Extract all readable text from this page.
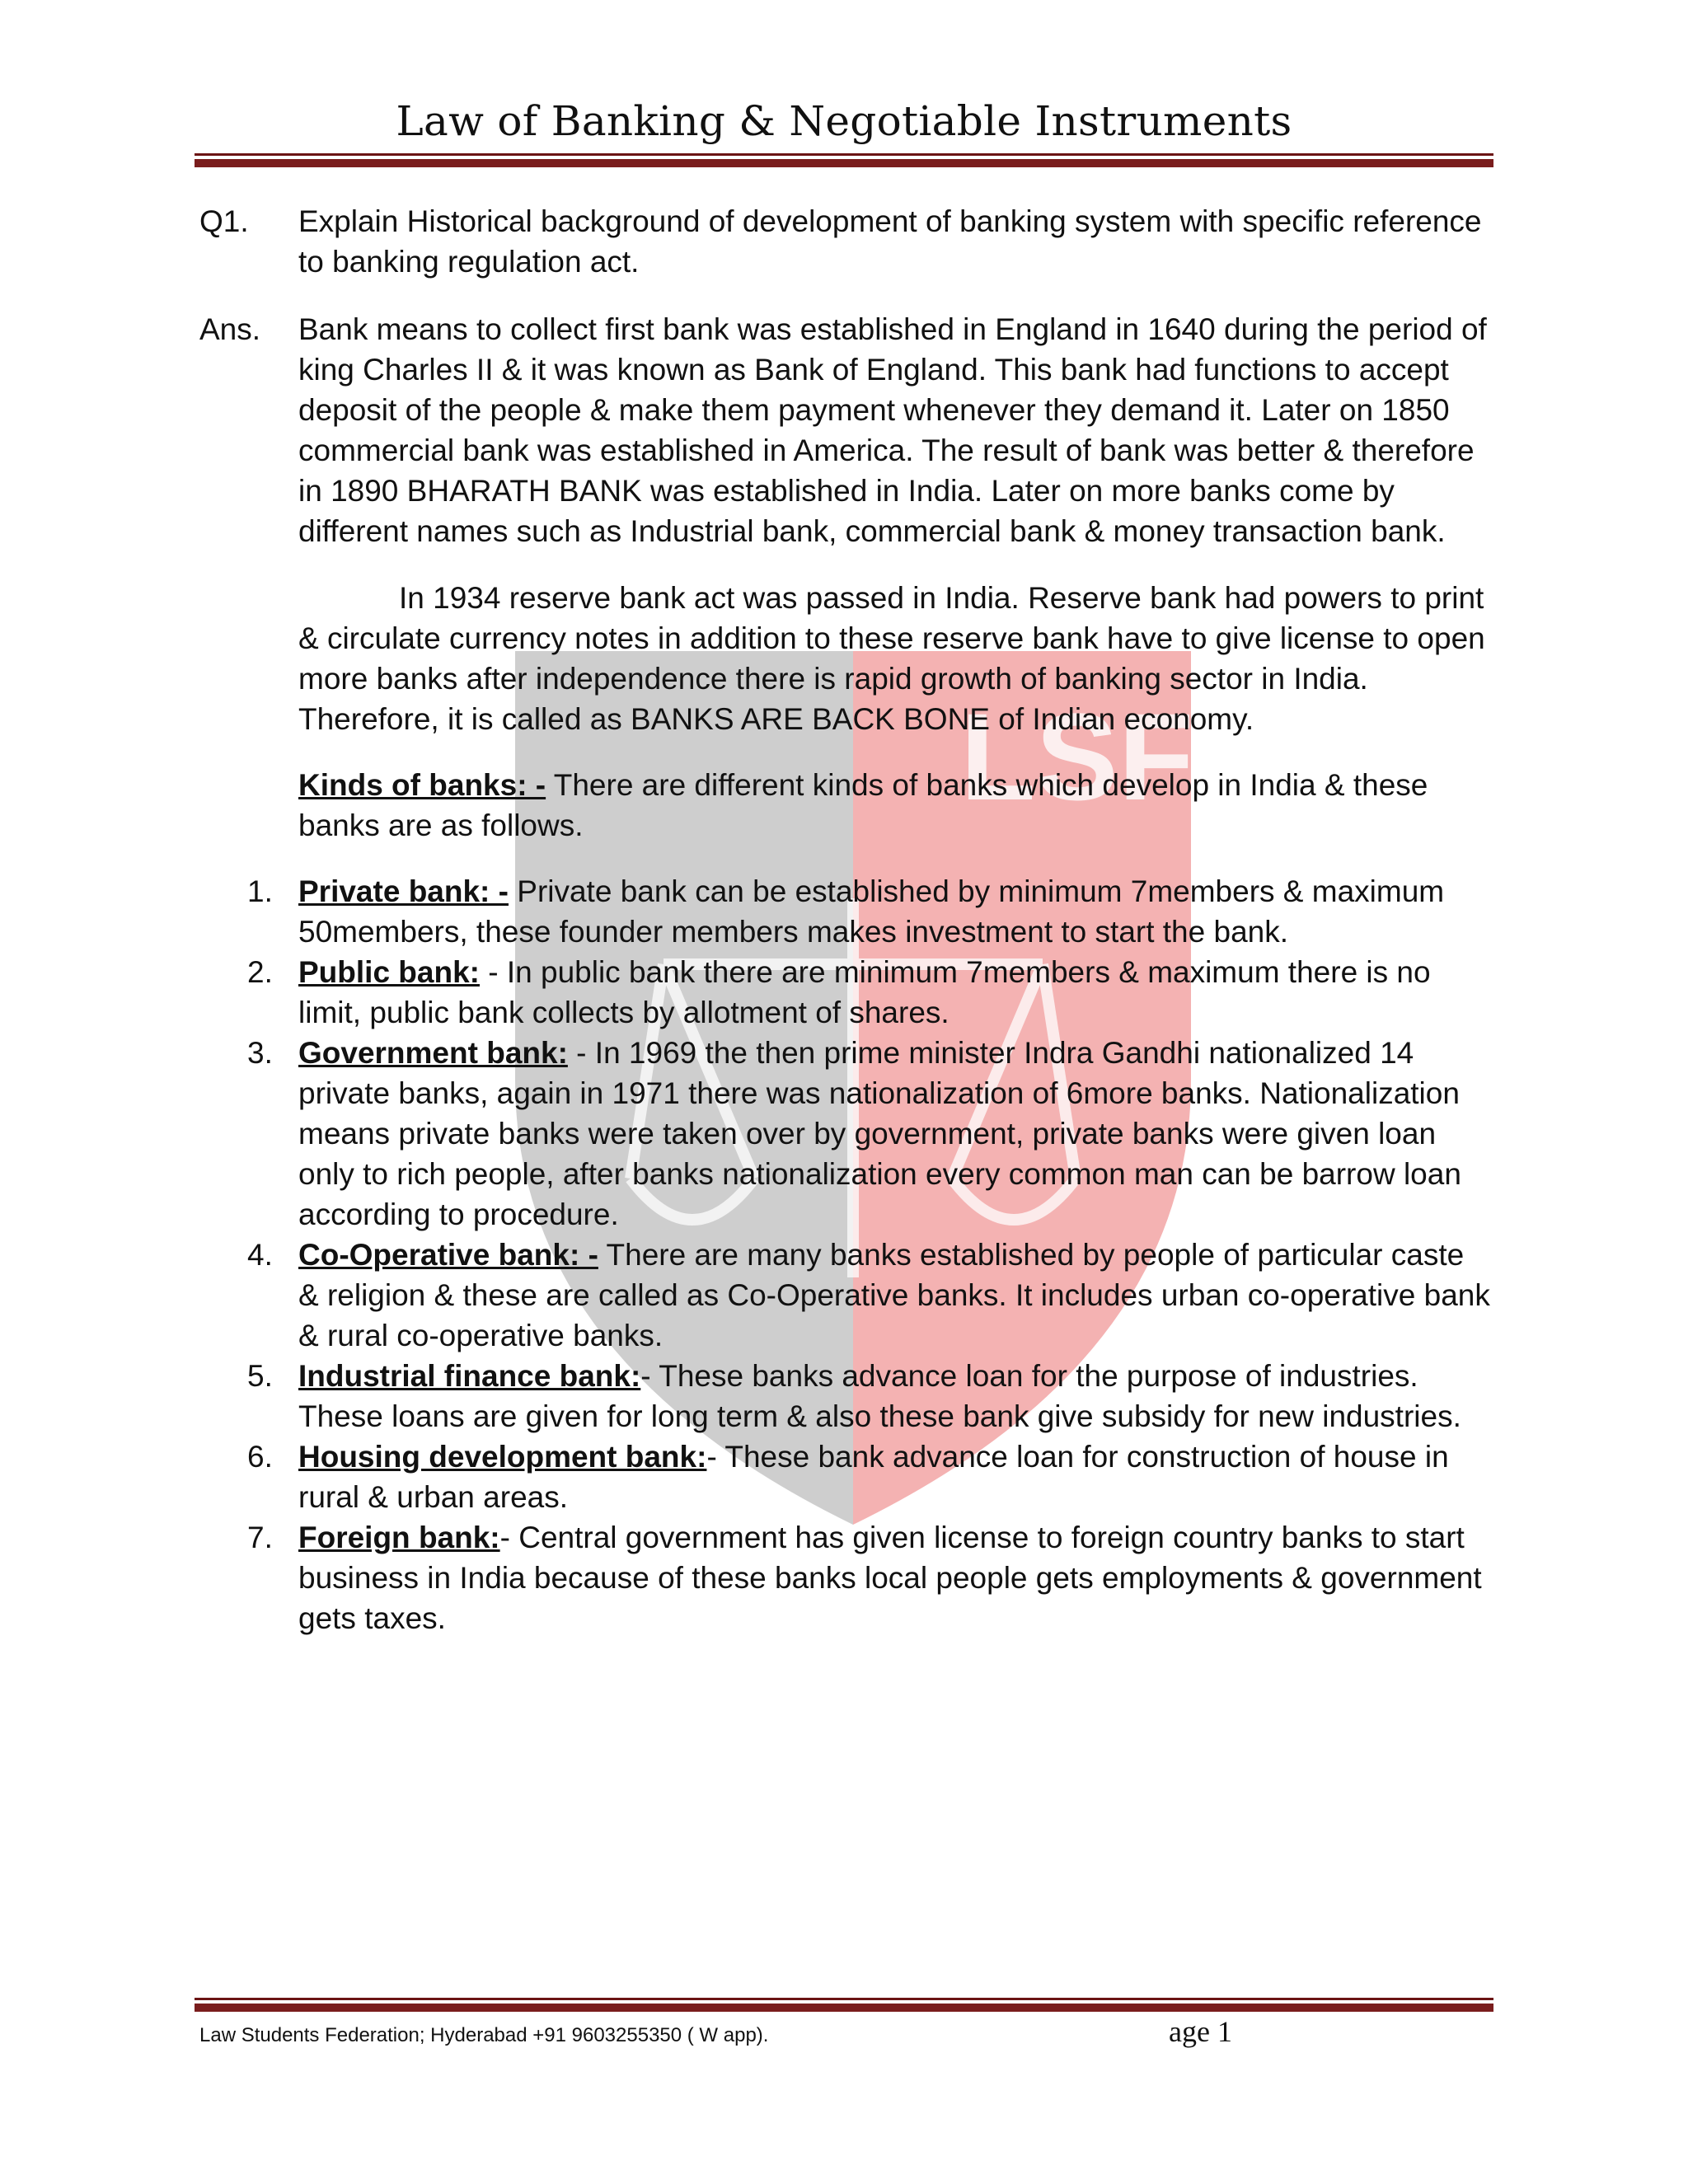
LSF
Law of Banking & Negotiable Instruments
Q1. Explain Historical background of development of banking system with specific reference
to banking regulation act.
Ans. Bank means to collect first bank was established in England in 1640 during the period of
king Charles II & it was known as Bank of England. This bank had functions to accept
deposit of the people & make them payment whenever they demand it. Later on 1850
commercial bank was established in America. The result of bank was better & therefore
in 1890 BHARATH BANK was established in India. Later on more banks come by
different names such as Industrial bank, commercial bank & money transaction bank.
In 1934 reserve bank act was passed in India. Reserve bank had powers to print
& circulate currency notes in addition to these reserve bank have to give license to open
more banks after independence there is rapid growth of banking sector in India.
Therefore, it is called as BANKS ARE BACK BONE of Indian economy.
Kinds of banks: - There are different kinds of banks which develop in India & these
banks are as follows.
1. Private bank: - Private bank can be established by minimum 7members & maximum
50members, these founder members makes investment to start the bank.
2. Public bank: - In public bank there are minimum 7members & maximum there is no
limit, public bank collects by allotment of shares.
3. Government bank: - In 1969 the then prime minister Indra Gandhi nationalized 14
private banks, again in 1971 there was nationalization of 6more banks. Nationalization
means private banks were taken over by government, private banks were given loan
only to rich people, after banks nationalization every common man can be barrow loan
according to procedure.
4. Co-Operative bank: - There are many banks established by people of particular caste
& religion & these are called as Co-Operative banks. It includes urban co-operative bank
& rural co-operative banks.
5. Industrial finance bank:- These banks advance loan for the purpose of industries.
These loans are given for long term & also these bank give subsidy for new industries.
6. Housing development bank:- These bank advance loan for construction of house in
rural & urban areas.
7. Foreign bank:- Central government has given license to foreign country banks to start
business in India because of these banks local people gets employments & government
gets taxes.
Law Students Federation; Hyderabad +91 9603255350 ( W app).	age 1
